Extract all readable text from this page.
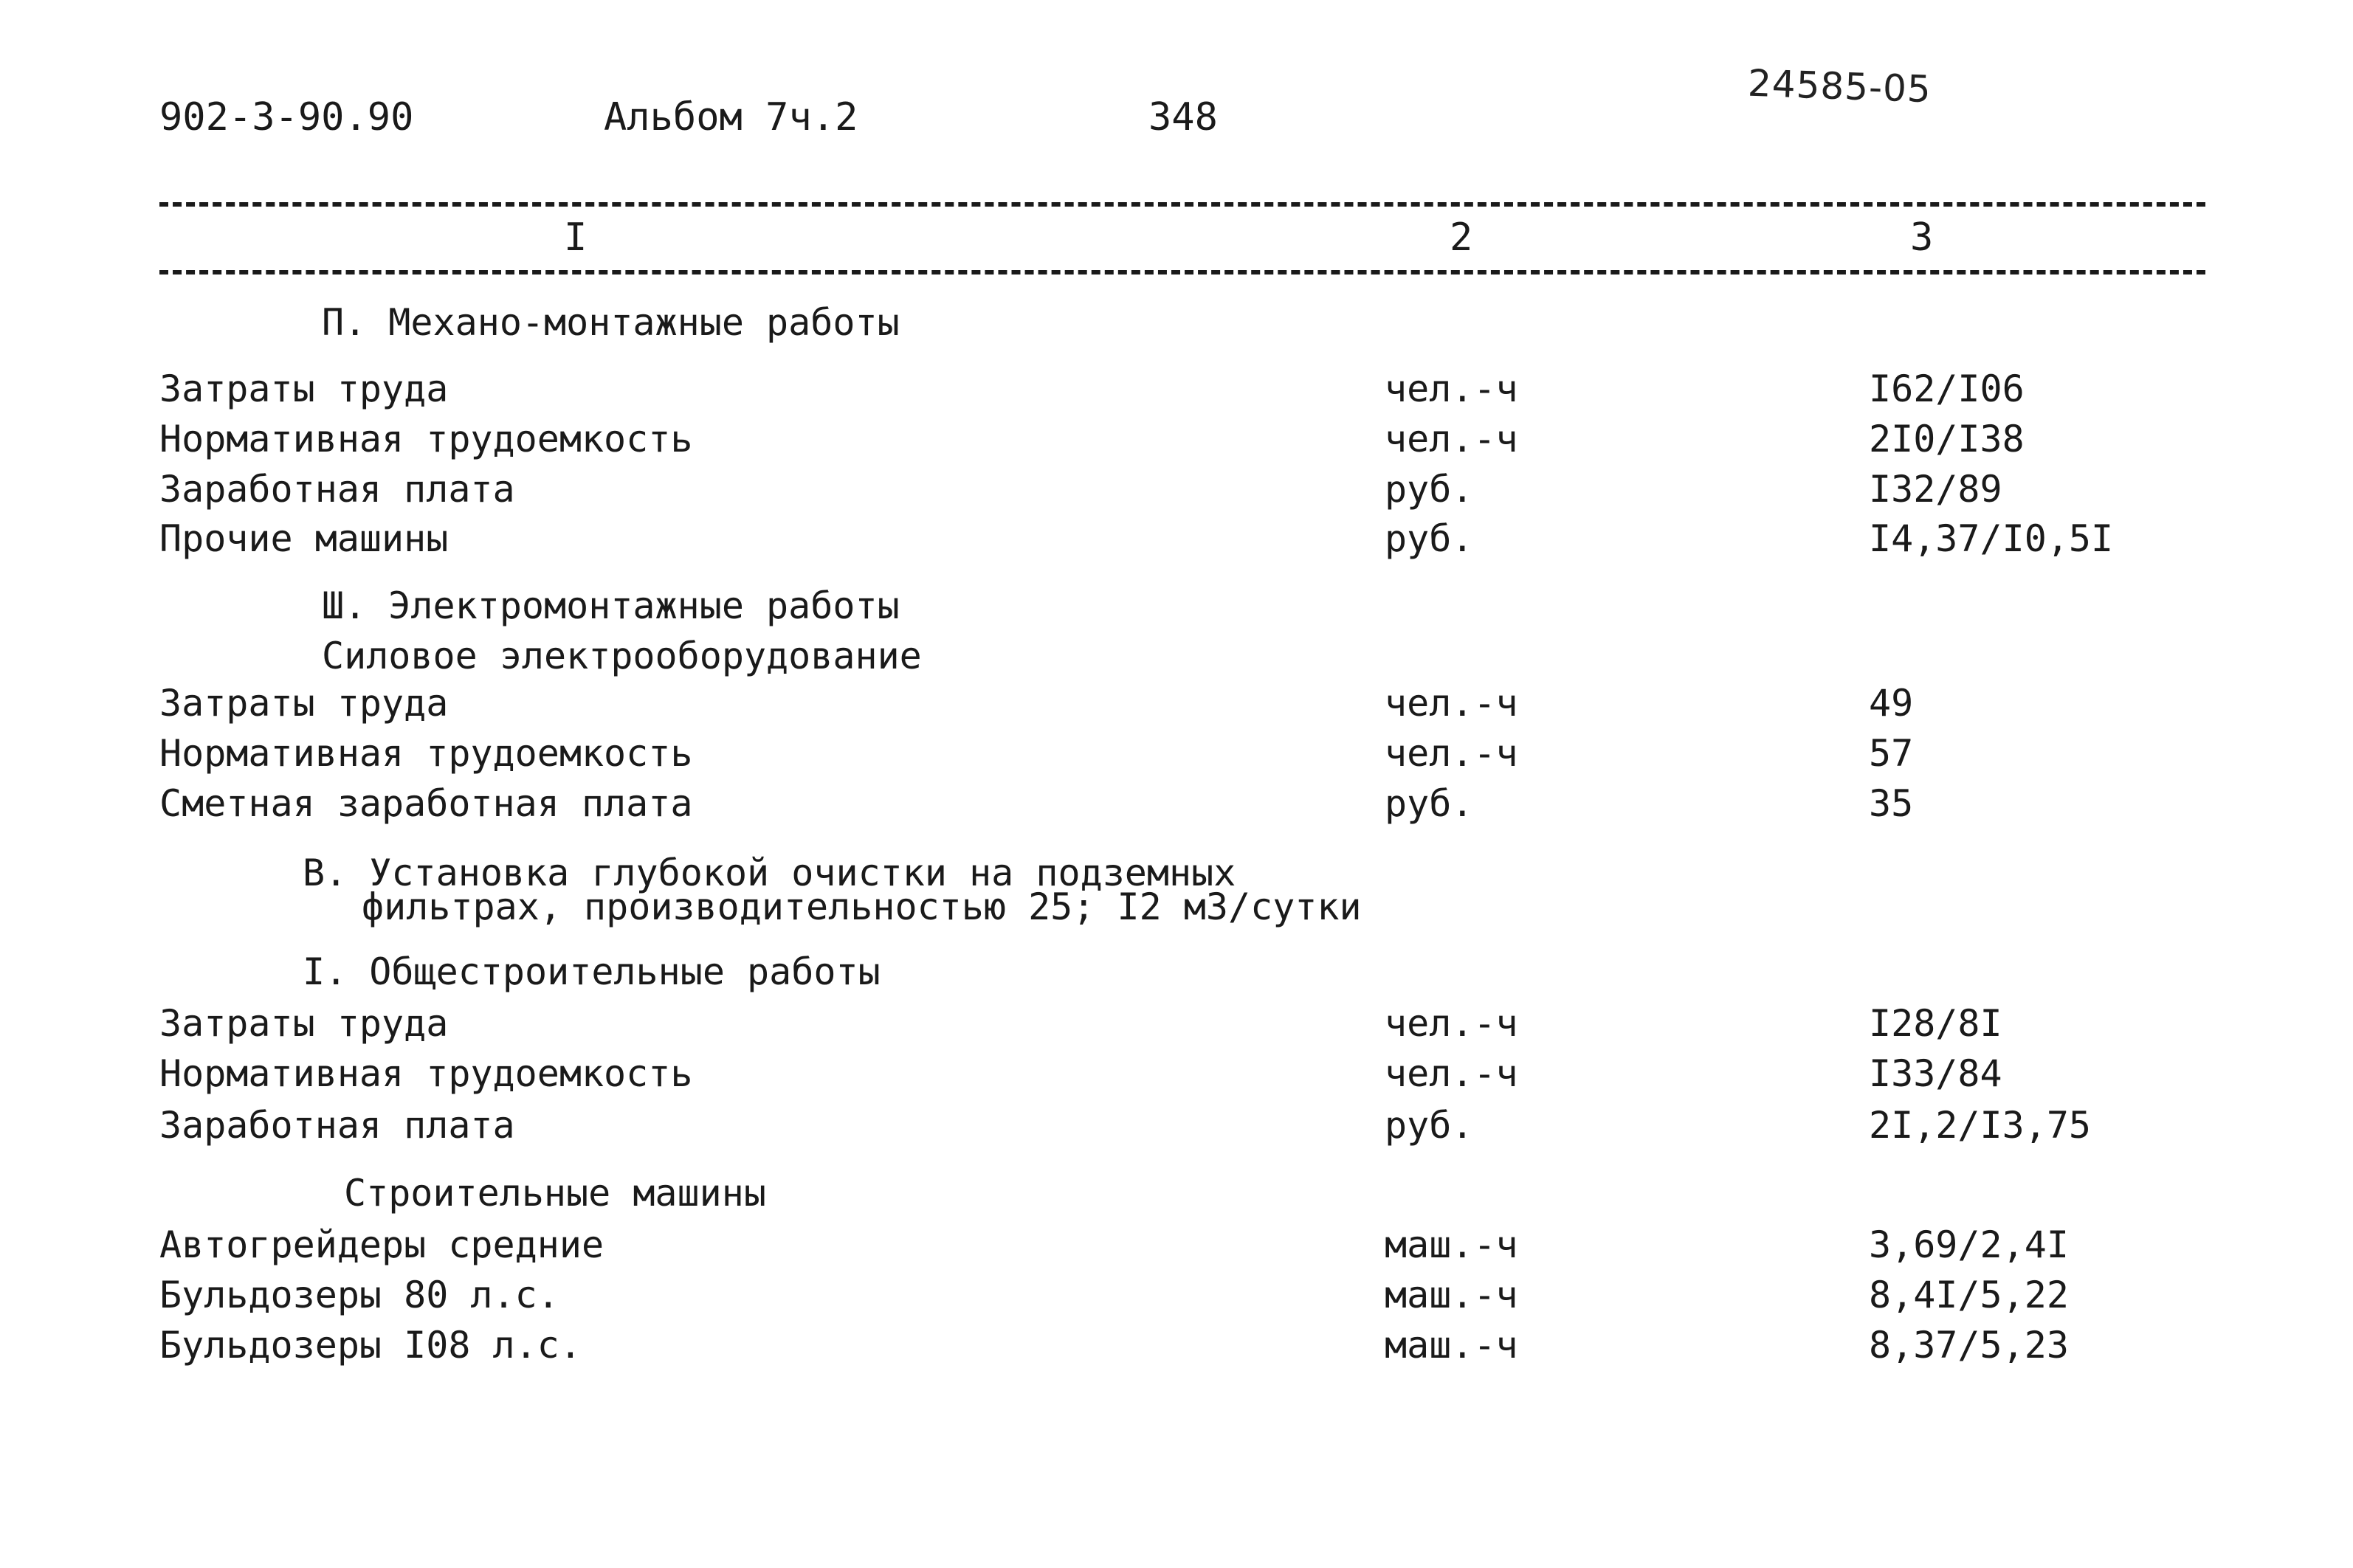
902-3-90.90	Альбом 7ч.2	348
24585-05
I	2	3
П. Механо-монтажные работы
Затраты труда	чел.-ч	I62/I06
Нормативная трудоемкость	чел.-ч	2I0/I38
Заработная плата	руб.	I32/89
Прочие машины	руб.	I4,37/I0,5I
Ш. Электромонтажные работы
Силовое электрооборудование
Затраты труда	чел.-ч	49
Нормативная трудоемкость	чел.-ч	57
Сметная заработная плата	руб.	35
В. Установка глубокой очистки на подземных
фильтрах, производительностью 25; I2 м3/сутки
I. Общестроительные работы
Затраты труда	чел.-ч	I28/8I
Нормативная трудоемкость	чел.-ч	I33/84
Заработная плата	руб.	2I,2/I3,75
Строительные машины
Автогрейдеры средние	маш.-ч	3,69/2,4I
Бульдозеры 80 л.с.	маш.-ч	8,4I/5,22
Бульдозеры I08 л.с.	маш.-ч	8,37/5,23
